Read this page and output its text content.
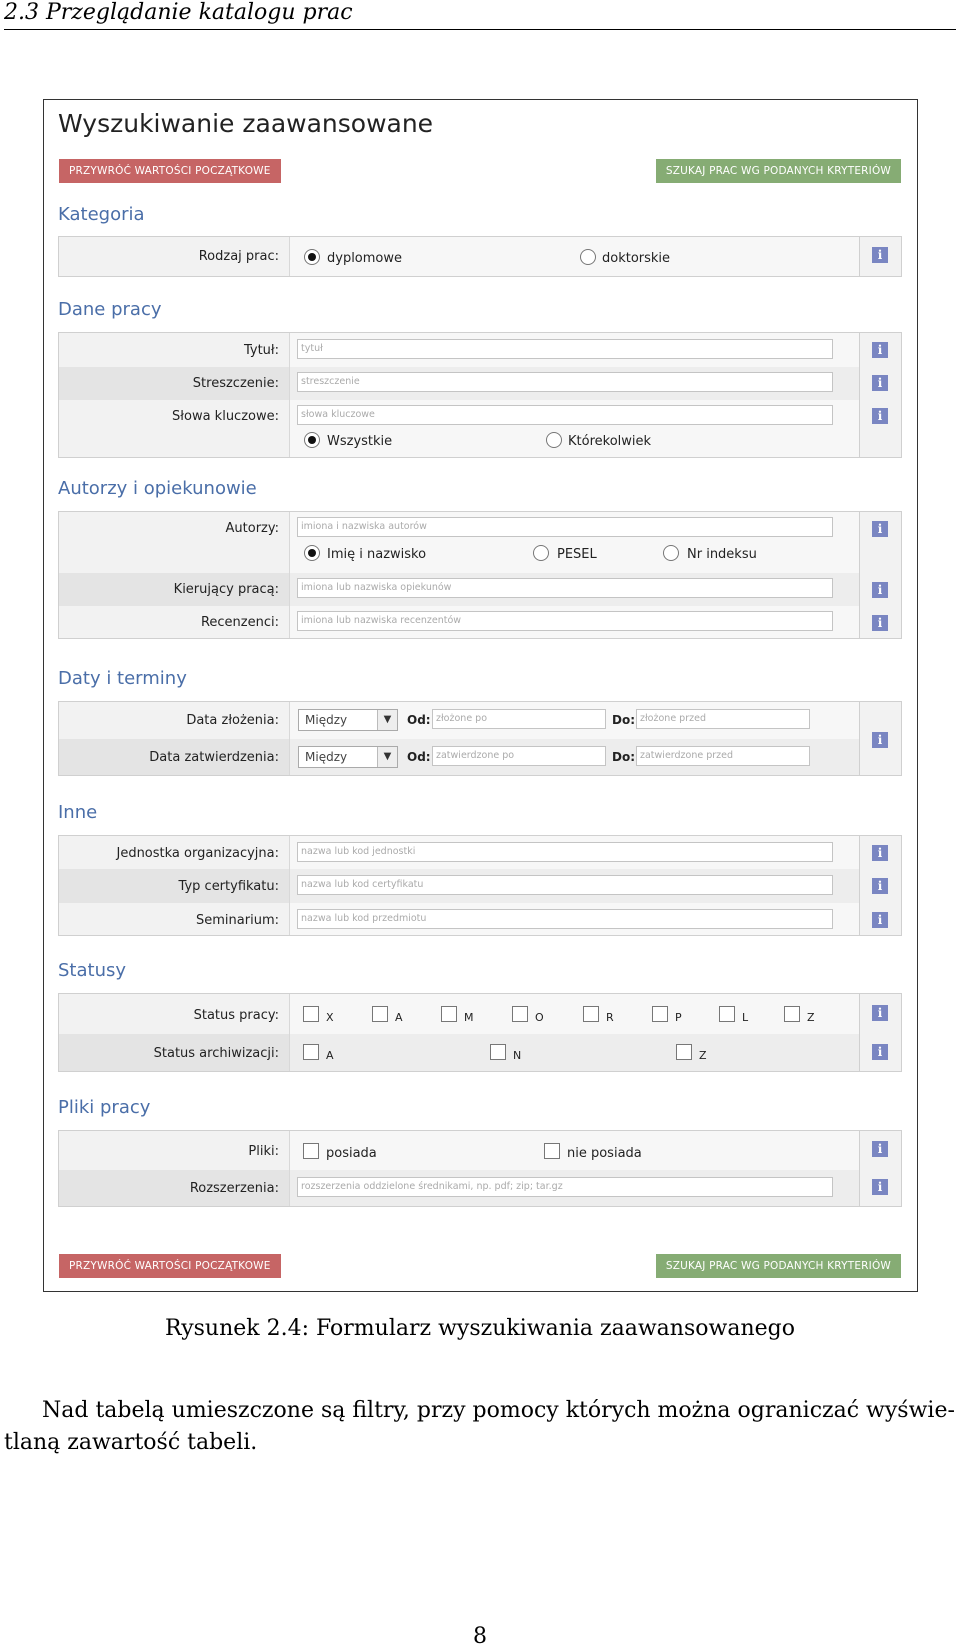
2.3 Przeglądanie katalogu prac
Wyszukiwanie zaawansowane
PRZYWRÓĆ WARTOŚCI POCZĄTKOWE	SZUKAJ PRAC WG PODANYCH KRYTERIÓW
Kategoria
Rodzaj prac:	dyplomowe	doktorskie	i
Dane pracy
Tytuł:	tytuł
Streszczenie:	streszczenie
Słowa kluczowe:	słowa kluczowe
Wszystkie	Którekolwiek
i
i
i
Autorzy i opiekunowie
Autorzy:	imiona i nazwiska autorów
Imię i nazwisko	PESEL	Nr indeksu
Kierujący pracą:	imiona lub nazwiska opiekunów
Recenzenci:	imiona lub nazwiska recenzentów
i
i
i
Daty i terminy
Data złożenia:	Między	▼	Od: złożone po	Do: złożone przed
Data zatwierdzenia:	Między	▼	Od: zatwierdzone po	Do: zatwierdzone przed
i
Inne
Jednostka organizacyjna:	nazwa lub kod jednostki
Typ certyfikatu:	nazwa lub kod certyfikatu
Seminarium:	nazwa lub kod przedmiotu
i
i
i
Statusy
Status pracy:	X	A	M	O	R	P	L	Z
Status archiwizacji:	A	N	Z
i
i
Pliki pracy
Pliki:	posiada	nie posiada
Rozszerzenia:	rozszerzenia oddzielone średnikami, np. pdf; zip; tar.gz
i
i
PRZYWRÓĆ WARTOŚCI POCZĄTKOWE	SZUKAJ PRAC WG PODANYCH KRYTERIÓW
Rysunek 2.4: Formularz wyszukiwania zaawansowanego
Nad tabelą umieszczone są filtry, przy pomocy których można ograniczać wyświe-
tlaną zawartość tabeli.
8
